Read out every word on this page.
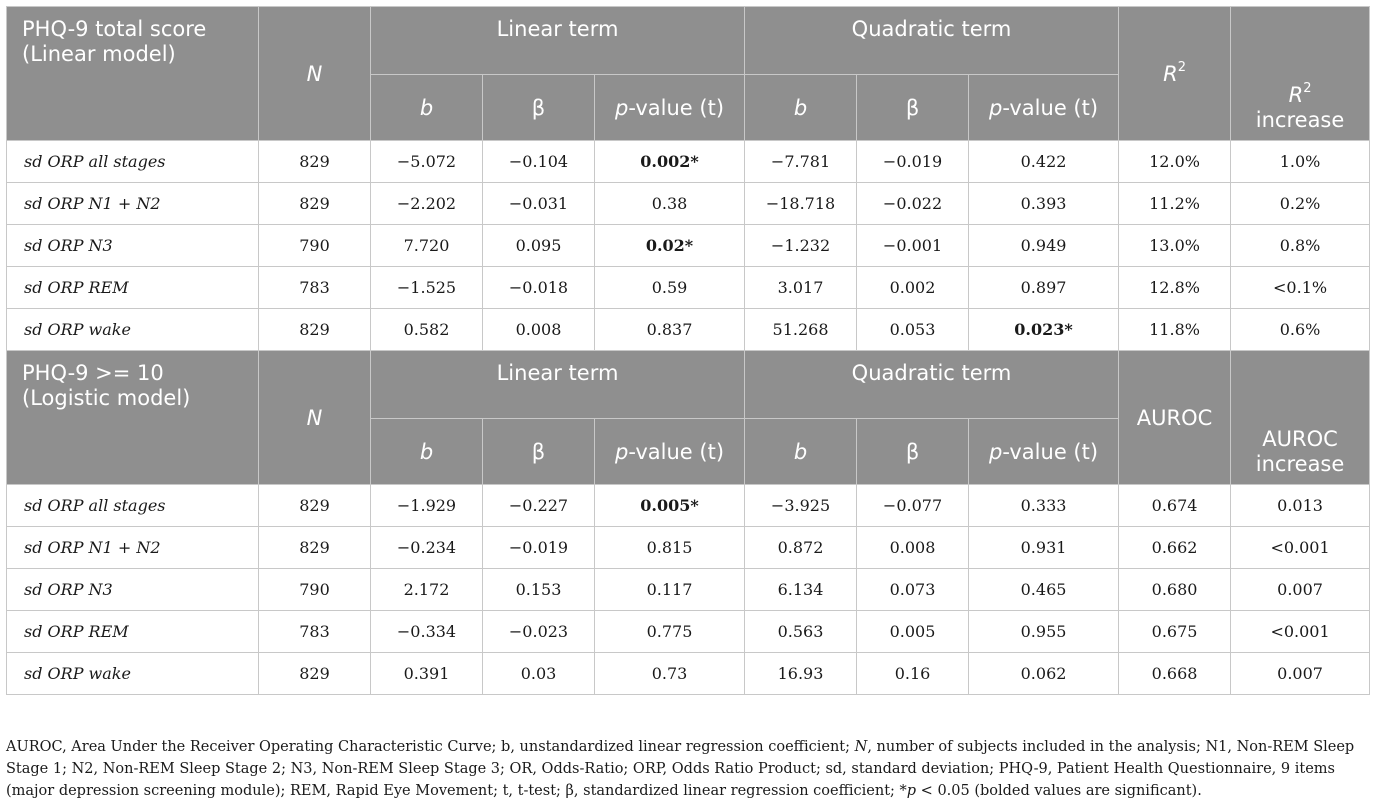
PHQ-9 total score (Linear model)	N	Linear term			Quadratic term			$R^2$	$R^2$
increase
		b	β	p-value (t)	b	β	p-value (t)		
sd ORP all stages	829	−5.072	−0.104	0.002*	−7.781	−0.019	0.422	12.0%	1.0%
sd ORP N1 + N2	829	−2.202	−0.031	0.38	−18.718	−0.022	0.393	11.2%	0.2%
sd ORP N3	790	7.720	0.095	0.02*	−1.232	−0.001	0.949	13.0%	0.8%
sd ORP REM	783	−1.525	−0.018	0.59	3.017	0.002	0.897	12.8%	<0.1%
sd ORP wake	829	0.582	0.008	0.837	51.268	0.053	0.023*	11.8%	0.6%
PHQ-9 >= 10 (Logistic model)	N	Linear term			Quadratic term			AUROC	AUROC increase
		b	β	p-value (t)	b	β	p-value (t)		
sd ORP all stages	829	−1.929	−0.227	0.005*	−3.925	−0.077	0.333	0.674	0.013
sd ORP N1 + N2	829	−0.234	−0.019	0.815	0.872	0.008	0.931	0.662	<0.001
sd ORP N3	790	2.172	0.153	0.117	6.134	0.073	0.465	0.680	0.007
sd ORP REM	783	−0.334	−0.023	0.775	0.563	0.005	0.955	0.675	<0.001
sd ORP wake	829	0.391	0.03	0.73	16.93	0.16	0.062	0.668	0.007
AUROC, Area Under the Receiver Operating Characteristic Curve; b, unstandardized linear regression coefficient; N, number of subjects included in the analysis; N1, Non-REM Sleep Stage 1; N2, Non-REM Sleep Stage 2; N3, Non-REM Sleep Stage 3; OR, Odds-Ratio; ORP, Odds Ratio Product; sd, standard deviation; PHQ-9, Patient Health Questionnaire, 9 items (major depression screening module); REM, Rapid Eye Movement; t, t-test; β, standardized linear regression coefficient; *p < 0.05 (bolded values are significant).
